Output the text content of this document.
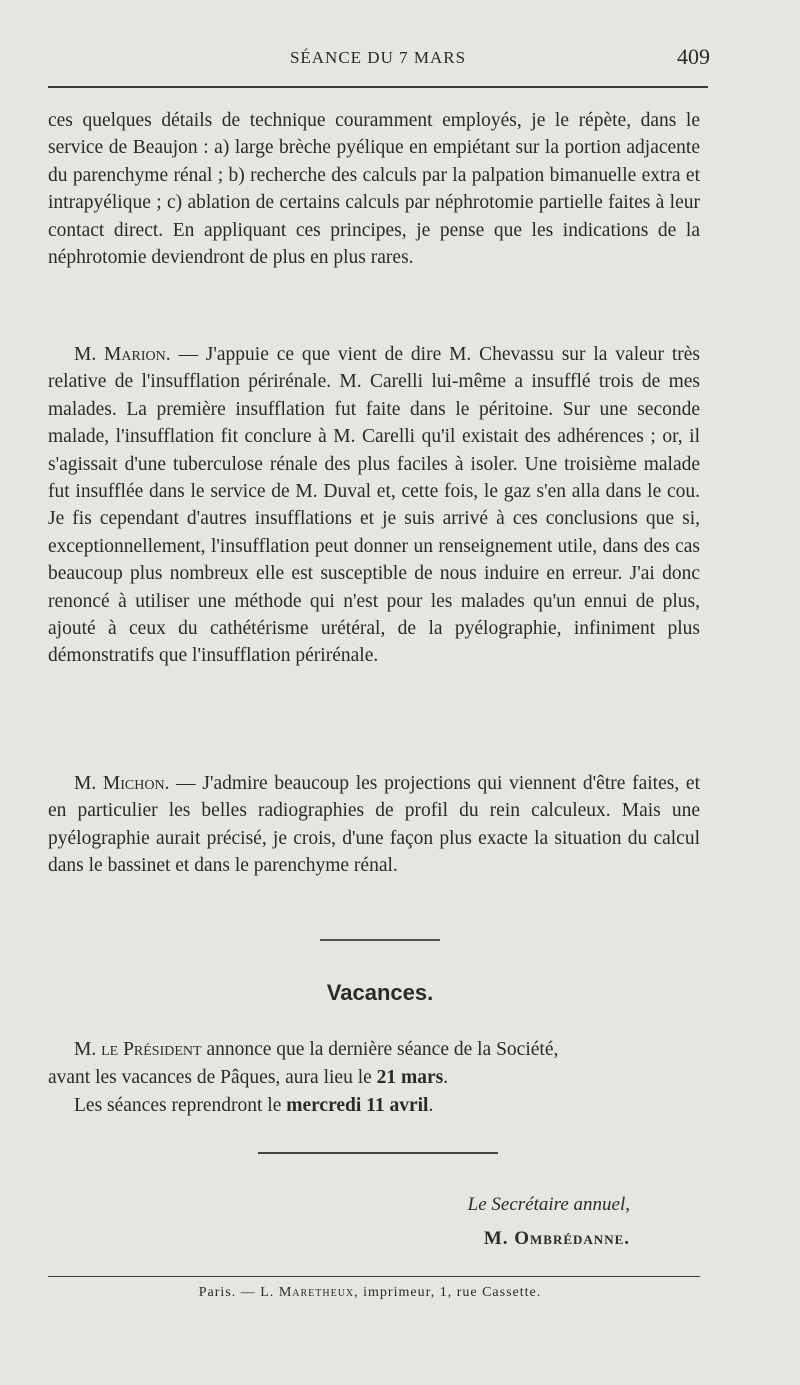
SÉANCE DU 7 MARS	409

ces quelques détails de technique couramment employés, je le répète, dans le service de Beaujon : a) large brèche pyélique en empiétant sur la portion adjacente du parenchyme rénal ; b) recherche des calculs par la palpation bimanuelle extra et intrapyélique ; c) ablation de certains calculs par néphrotomie partielle faites à leur contact direct. En appliquant ces principes, je pense que les indications de la néphrotomie deviendront de plus en plus rares.

M. Marion. — J'appuie ce que vient de dire M. Chevassu sur la valeur très relative de l'insufflation périrénale. M. Carelli lui-même a insufflé trois de mes malades. La première insufflation fut faite dans le péritoine. Sur une seconde malade, l'insufflation fit conclure à M. Carelli qu'il existait des adhérences ; or, il s'agissait d'une tuberculose rénale des plus faciles à isoler. Une troisième malade fut insufflée dans le service de M. Duval et, cette fois, le gaz s'en alla dans le cou. Je fis cependant d'autres insufflations et je suis arrivé à ces conclusions que si, exceptionnellement, l'insufflation peut donner un renseignement utile, dans des cas beaucoup plus nombreux elle est susceptible de nous induire en erreur. J'ai donc renoncé à utiliser une méthode qui n'est pour les malades qu'un ennui de plus, ajouté à ceux du cathétérisme urétéral, de la pyélographie, infiniment plus démonstratifs que l'insufflation périrénale.

M. Michon. — J'admire beaucoup les projections qui viennent d'être faites, et en particulier les belles radiographies de profil du rein calculeux. Mais une pyélographie aurait précisé, je crois, d'une façon plus exacte la situation du calcul dans le bassinet et dans le parenchyme rénal.

Vacances.
M. le Président annonce que la dernière séance de la Société,
avant les vacances de Pâques, aura lieu le 21 mars.
Les séances reprendront le mercredi 11 avril.
Le Secrétaire annuel,
M. Ombrédanne.
Paris. — L. Maretheux, imprimeur, 1, rue Cassette.
